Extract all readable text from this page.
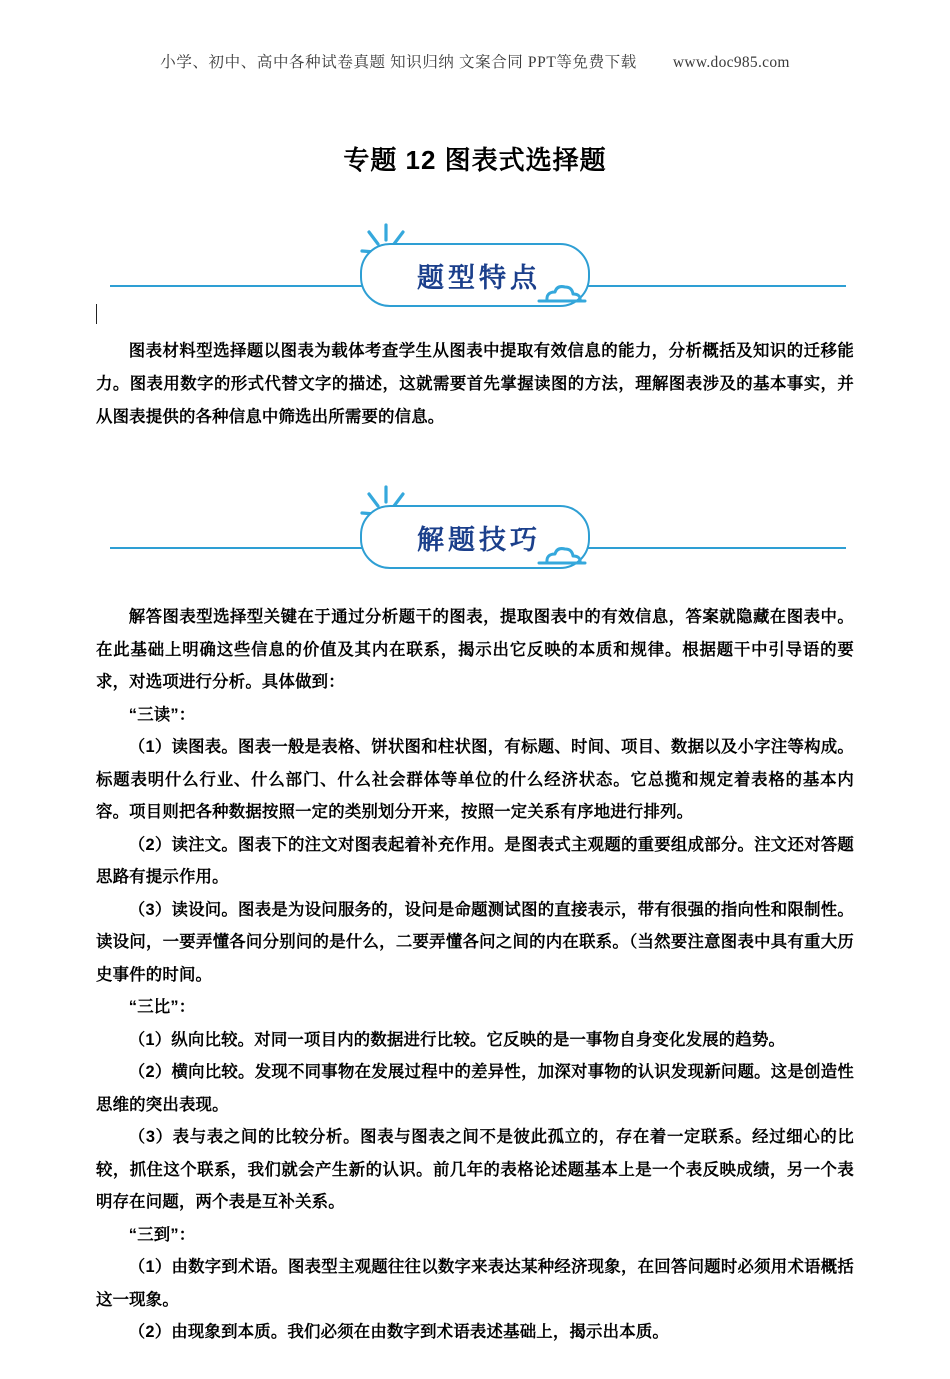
小学、初中、高中各种试卷真题 知识归纳 文案合同 PPT等免费下载 www.doc985.com
专题 12 图表式选择题
题型特点

图表材料型选择题以图表为载体考查学生从图表中提取有效信息的能力，分析概括及知识的迁移能力。图表用数字的形式代替文字的描述，这就需要首先掌握读图的方法，理解图表涉及的基本事实，并从图表提供的各种信息中筛选出所需要的信息。

解题技巧

解答图表型选择型关键在于通过分析题干的图表，提取图表中的有效信息，答案就隐藏在图表中。在此基础上明确这些信息的价值及其内在联系，揭示出它反映的本质和规律。根据题干中引导语的要求，对选项进行分析。具体做到：

“三读”：

（1）读图表。图表一般是表格、饼状图和柱状图，有标题、时间、项目、数据以及小字注等构成。标题表明什么行业、什么部门、什么社会群体等单位的什么经济状态。它总揽和规定着表格的基本内容。项目则把各种数据按照一定的类别划分开来，按照一定关系有序地进行排列。

（2）读注文。图表下的注文对图表起着补充作用。是图表式主观题的重要组成部分。注文还对答题思路有提示作用。

（3）读设问。图表是为设问服务的，设问是命题测试图的直接表示，带有很强的指向性和限制性。读设问，一要弄懂各问分别问的是什么，二要弄懂各问之间的内在联系。（当然要注意图表中具有重大历史事件的时间。

“三比”：

（1）纵向比较。对同一项目内的数据进行比较。它反映的是一事物自身变化发展的趋势。

（2）横向比较。发现不同事物在发展过程中的差异性，加深对事物的认识发现新问题。这是创造性思维的突出表现。

（3）表与表之间的比较分析。图表与图表之间不是彼此孤立的，存在着一定联系。经过细心的比较，抓住这个联系，我们就会产生新的认识。前几年的表格论述题基本上是一个表反映成绩，另一个表明存在问题，两个表是互补关系。

“三到”：

（1）由数字到术语。图表型主观题往往以数字来表达某种经济现象，在回答问题时必须用术语概括这一现象。

（2）由现象到本质。我们必须在由数字到术语表述基础上，揭示出本质。
